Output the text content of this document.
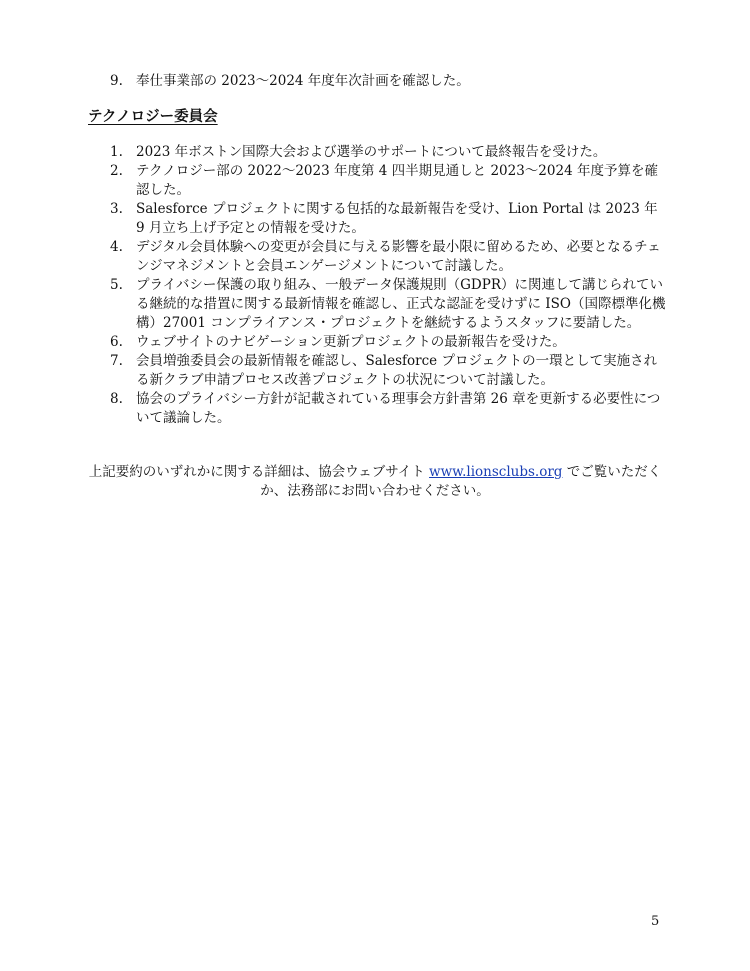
9. 奉仕事業部の 2023〜2024 年度年次計画を確認した。
テクノロジー委員会
1. 2023 年ボストン国際大会および選挙のサポートについて最終報告を受けた。
2. テクノロジー部の 2022〜2023 年度第 4 四半期見通しと 2023〜2024 年度予算を確認した。
3. Salesforce プロジェクトに関する包括的な最新報告を受け、Lion Portal は 2023 年 9 月立ち上げ予定との情報を受けた。
4. デジタル会員体験への変更が会員に与える影響を最小限に留めるため、必要となるチェンジマネジメントと会員エンゲージメントについて討議した。
5. プライバシー保護の取り組み、一般データ保護規則（GDPR）に関連して講じられている継続的な措置に関する最新情報を確認し、正式な認証を受けずに ISO（国際標準化機構）27001 コンプライアンス・プロジェクトを継続するようスタッフに要請した。
6. ウェブサイトのナビゲーション更新プロジェクトの最新報告を受けた。
7. 会員増強委員会の最新情報を確認し、Salesforce プロジェクトの一環として実施される新クラブ申請プロセス改善プロジェクトの状況について討議した。
8. 協会のプライバシー方針が記載されている理事会方針書第 26 章を更新する必要性について議論した。
上記要約のいずれかに関する詳細は、協会ウェブサイト www.lionsclubs.org でご覧いただくか、法務部にお問い合わせください。
5
